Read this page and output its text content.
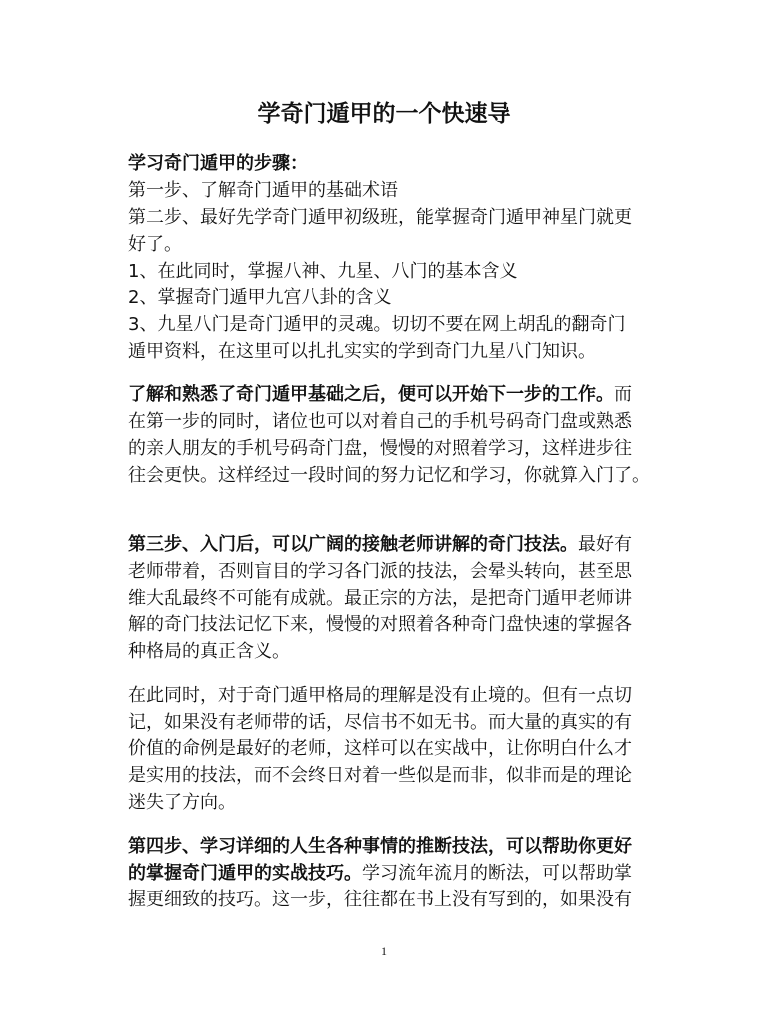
学奇门遁甲的一个快速导
学习奇门遁甲的步骤：
第一步、了解奇门遁甲的基础术语
第二步、最好先学奇门遁甲初级班，能掌握奇门遁甲神星门就更
好了。
1、在此同时，掌握八神、九星、八门的基本含义
2、掌握奇门遁甲九宫八卦的含义
3、九星八门是奇门遁甲的灵魂。切切不要在网上胡乱的翻奇门
遁甲资料，在这里可以扎扎实实的学到奇门九星八门知识。
了解和熟悉了奇门遁甲基础之后，便可以开始下一步的工作。而
在第一步的同时，诸位也可以对着自己的手机号码奇门盘或熟悉
的亲人朋友的手机号码奇门盘，慢慢的对照着学习，这样进步往
往会更快。这样经过一段时间的努力记忆和学习，你就算入门了。
第三步、入门后，可以广阔的接触老师讲解的奇门技法。最好有
老师带着，否则盲目的学习各门派的技法，会晕头转向，甚至思
维大乱最终不可能有成就。最正宗的方法，是把奇门遁甲老师讲
解的奇门技法记忆下来，慢慢的对照着各种奇门盘快速的掌握各
种格局的真正含义。
在此同时，对于奇门遁甲格局的理解是没有止境的。但有一点切
记，如果没有老师带的话，尽信书不如无书。而大量的真实的有
价值的命例是最好的老师，这样可以在实战中，让你明白什么才
是实用的技法，而不会终日对着一些似是而非，似非而是的理论
迷失了方向。
第四步、学习详细的人生各种事情的推断技法，可以帮助你更好
的掌握奇门遁甲的实战技巧。学习流年流月的断法，可以帮助掌
握更细致的技巧。这一步，往往都在书上没有写到的，如果没有
1
